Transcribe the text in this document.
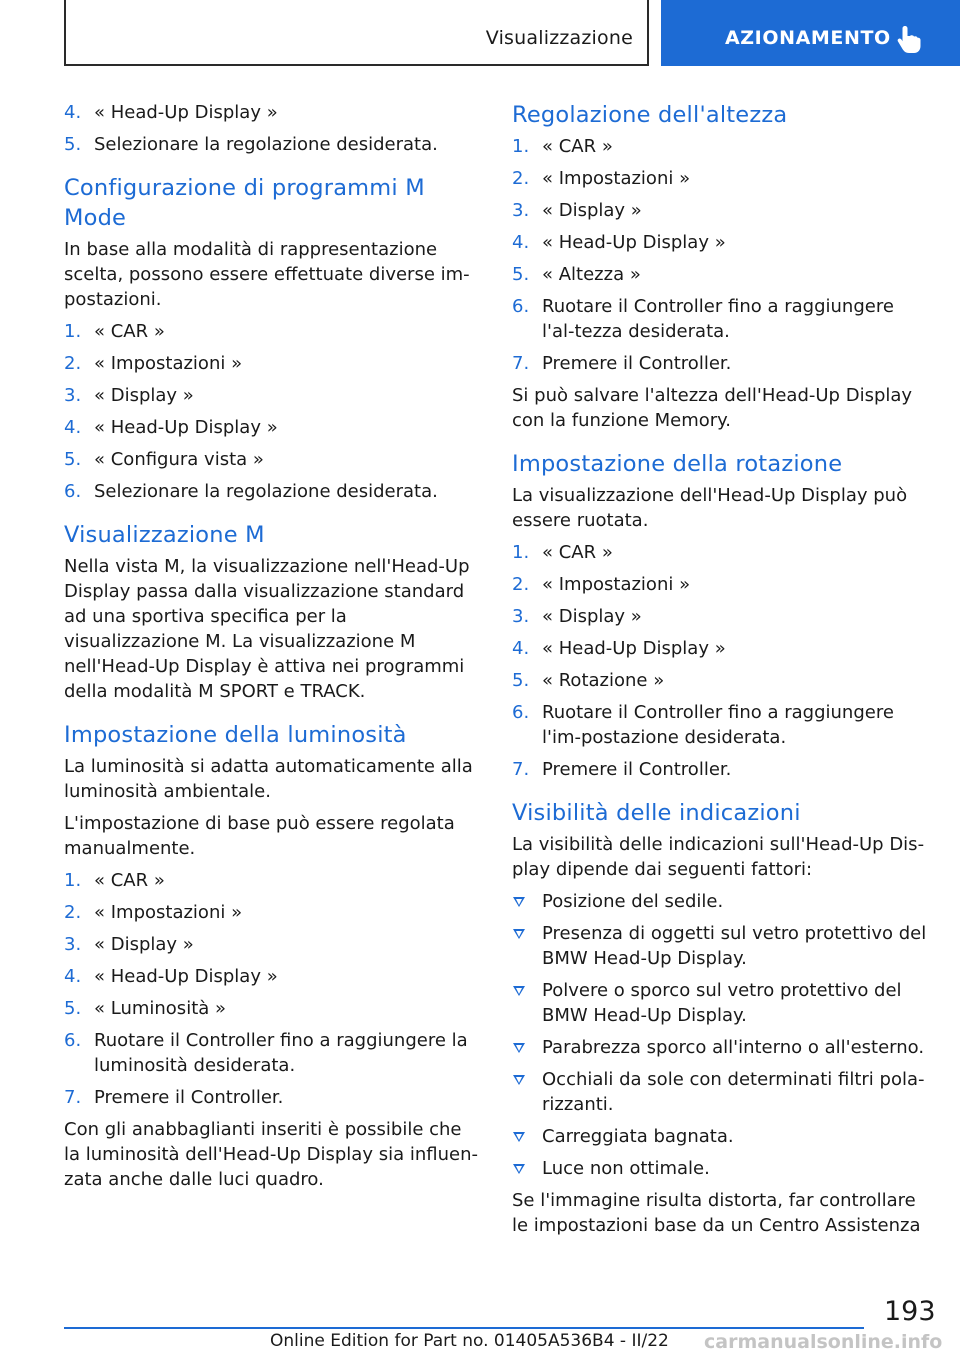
Visualizzazione	AZIONAMENTO
4. « Head-Up Display »
5. Selezionare la regolazione desiderata.
Configurazione di programmi M Mode

In base alla modalità di rappresentazione scelta, possono essere effettuate diverse im-postazioni.

1. « CAR »
2. « Impostazioni »
3. « Display »
4. « Head-Up Display »
5. « Configura vista »
6. Selezionare la regolazione desiderata.
Visualizzazione M

Nella vista M, la visualizzazione nell'Head-Up Display passa dalla visualizzazione standard ad una sportiva specifica per la visualizzazione M. La visualizzazione M nell'Head-Up Display è attiva nei programmi della modalità M SPORT e TRACK.

Impostazione della luminosità

La luminosità si adatta automaticamente alla luminosità ambientale.

L'impostazione di base può essere regolata manualmente.

1. « CAR »
2. « Impostazioni »
3. « Display »
4. « Head-Up Display »
5. « Luminosità »
6. Ruotare il Controller fino a raggiungere la luminosità desiderata.
7. Premere il Controller.

Con gli anabbaglianti inseriti è possibile che la luminosità dell'Head-Up Display sia influen-zata anche dalle luci quadro.

Regolazione dell'altezza
1. « CAR »
2. « Impostazioni »
3. « Display »
4. « Head-Up Display »
5. « Altezza »
6. Ruotare il Controller fino a raggiungere l'al-tezza desiderata.
7. Premere il Controller.

Si può salvare l'altezza dell'Head-Up Display con la funzione Memory.

Impostazione della rotazione

La visualizzazione dell'Head-Up Display può essere ruotata.

1. « CAR »
2. « Impostazioni »
3. « Display »
4. « Head-Up Display »
5. « Rotazione »
6. Ruotare il Controller fino a raggiungere l'im-postazione desiderata.
7. Premere il Controller.
Visibilità delle indicazioni

La visibilità delle indicazioni sull'Head-Up Dis-play dipende dai seguenti fattori:

Posizione del sedile.
Presenza di oggetti sul vetro protettivo del BMW Head-Up Display.
Polvere o sporco sul vetro protettivo del BMW Head-Up Display.
Parabrezza sporco all'interno o all'esterno.
Occhiali da sole con determinati filtri pola-rizzanti.
Carreggiata bagnata.
Luce non ottimale.

Se l'immagine risulta distorta, far controllare le impostazioni base da un Centro Assistenza

193
Online Edition for Part no. 01405A536B4 - II/22 carmanualsonline.info
